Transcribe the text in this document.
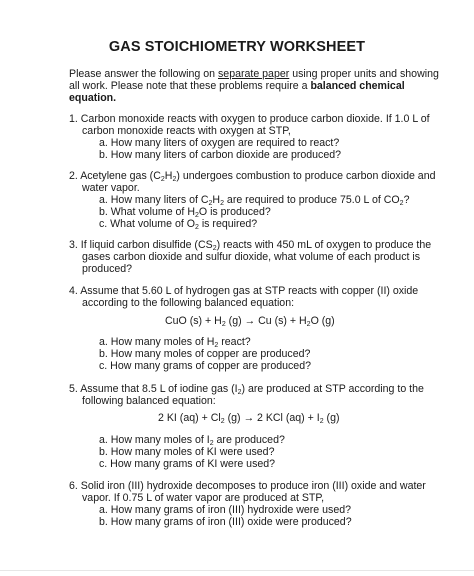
GAS STOICHIOMETRY WORKSHEET
Please answer the following on separate paper using proper units and showing
all work. Please note that these problems require a balanced chemical
equation.
1. Carbon monoxide reacts with oxygen to produce carbon dioxide. If 1.0 L of
carbon monoxide reacts with oxygen at STP,
a. How many liters of oxygen are required to react?
b. How many liters of carbon dioxide are produced?
2. Acetylene gas $(C_2H_2)$ undergoes combustion to produce carbon dioxide and
water vapor.
a. How many liters of $C_2H_2$ are required to produce 75.0 L of $CO_2$?
b. What volume of $H_2O$ is produced?
c. What volume of $O_2$ is required?
3. If liquid carbon disulfide $(CS_2)$ reacts with 450 mL of oxygen to produce the
gases carbon dioxide and sulfur dioxide, what volume of each product is
produced?
4. Assume that 5.60 L of hydrogen gas at STP reacts with copper (II) oxide
according to the following balanced equation:
CuO $(s) + H_2$ (g) → Cu $(s) + H_2O$ (g)
a. How many moles of $H_2$ react?
b. How many moles of copper are produced?
c. How many grams of copper are produced?
5. Assume that 8.5 L of iodine gas $(I_2)$ are produced at STP according to the
following balanced equation:
2 KI $(aq) + Cl_2$ (g) → 2 KCl $(aq) + I_2$ (g)
a. How many moles of $I_2$ are produced?
b. How many moles of KI were used?
c. How many grams of KI were used?
6. Solid iron (III) hydroxide decomposes to produce iron (III) oxide and water
vapor. If 0.75 L of water vapor are produced at STP,
a. How many grams of iron (III) hydroxide were used?
b. How many grams of iron (III) oxide were produced?
